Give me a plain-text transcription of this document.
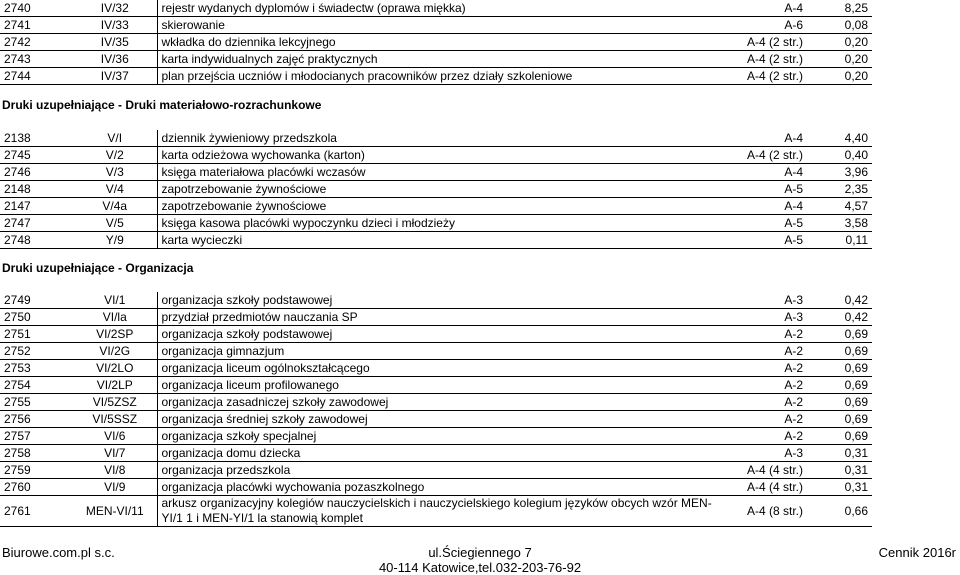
2740	IV/32	rejestr wydanych dyplomów i świadectw (oprawa miękka)	A-4	8,25
2741	IV/33	skierowanie	A-6	0,08
2742	IV/35	wkładka do dziennika lekcyjnego	A-4 (2 str.)	0,20
2743	IV/36	karta indywidualnych zajęć praktycznych	A-4 (2 str.)	0,20
2744	IV/37	plan przejścia uczniów i młodocianych pracowników przez działy szkoleniowe	A-4 (2 str.)	0,20
Druki uzupełniające - Druki materiałowo-rozrachunkowe
2138	V/I	dziennik żywieniowy przedszkola	A-4	4,40
2745	V/2	karta odzieżowa wychowanka (karton)	A-4 (2 str.)	0,40
2746	V/3	księga materiałowa placówki wczasów	A-4	3,96
2148	V/4	zapotrzebowanie żywnościowe	A-5	2,35
2147	V/4a	zapotrzebowanie żywnościowe	A-4	4,57
2747	V/5	księga kasowa placówki wypoczynku dzieci i młodzieży	A-5	3,58
2748	Y/9	karta wycieczki	A-5	0,11
Druki uzupełniające - Organizacja
2749	VI/1	organizacja szkoły podstawowej	A-3	0,42
2750	VI/la	przydział przedmiotów nauczania SP	A-3	0,42
2751	VI/2SP	organizacja szkoły podstawowej	A-2	0,69
2752	VI/2G	organizacja gimnazjum	A-2	0,69
2753	VI/2LO	organizacja liceum ogólnokształcącego	A-2	0,69
2754	VI/2LP	organizacja liceum profilowanego	A-2	0,69
2755	VI/5ZSZ	organizacja zasadniczej szkoły zawodowej	A-2	0,69
2756	VI/5SSZ	organizacja średniej szkoły zawodowej	A-2	0,69
2757	VI/6	organizacja szkoły specjalnej	A-2	0,69
2758	VI/7	organizacja domu dziecka	A-3	0,31
2759	VI/8	organizacja przedszkola	A-4 (4 str.)	0,31
2760	VI/9	organizacja placówki wychowania pozaszkolnego	A-4 (4 str.)	0,31
2761	MEN-VI/11	arkusz organizacyjny kolegiów nauczycielskich i nauczycielskiego kolegium języków obcych wzór MEN-YI/1 1 i MEN-YI/1 la stanowią komplet	A-4 (8 str.)	0,66
Biurowe.com.pl s.c.	ul.Ściegiennego 7
40-114 Katowice,tel.032-203-76-92
Cennik 2016r
